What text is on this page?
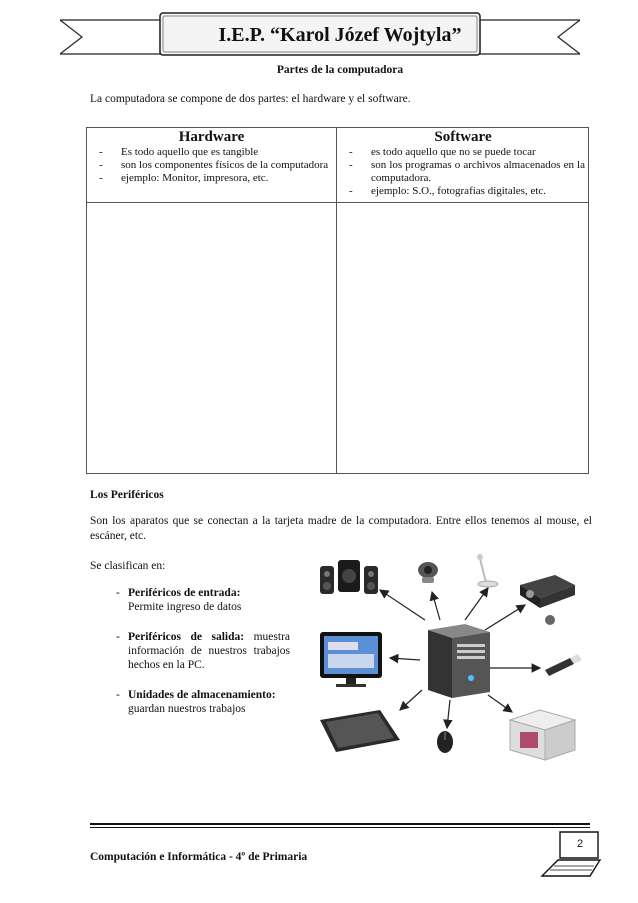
I.E.P. “Karol Józef Wojtyla”
Partes de la computadora
La computadora se compone de dos partes: el hardware y el software.
Hardware	Software
- Es todo aquello que es tangible
- son los componentes físicos de la computadora
- ejemplo: Monitor, impresora, etc.
- es todo aquello que no se puede tocar
- son los programas o archivos almacenados en la computadora.
- ejemplo: S.O., fotografías digitales, etc.
Los Periféricos
Son los aparatos que se conectan a la tarjeta madre de la computadora. Entre ellos tenemos al mouse, el escáner, etc.
Se clasifican en:
- Periféricos de entrada:
Permite ingreso de datos
- Periféricos de salida: muestra información de nuestros trabajos hechos en la PC.
- Unidades de almacenamiento:
guardan nuestros trabajos
Computación e Informática - 4º de Primaria
2
